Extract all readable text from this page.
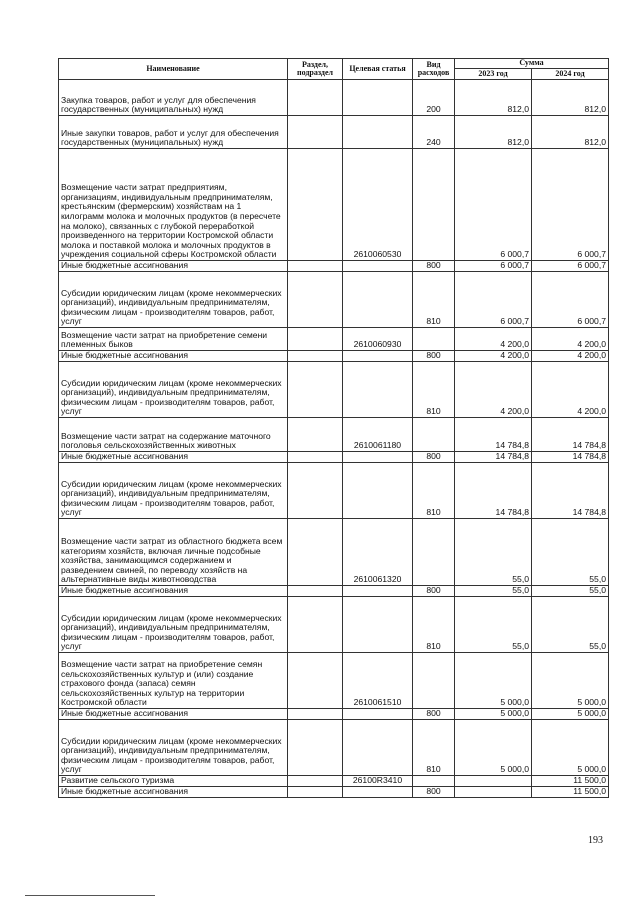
Наименование	Раздел, подраздел	Целевая статья	Вид расходов	Сумма	
				2023 год	2024 год
Закупка товаров, работ и услуг для обеспечения государственных (муниципальных) нужд			200	812,0	812,0
Иные закупки товаров, работ и услуг для обеспечения государственных (муниципальных) нужд			240	812,0	812,0
Возмещение части затрат предприятиям, организациям, индивидуальным предпринимателям, крестьянским (фермерским) хозяйствам на 1 килограмм молока и молочных продуктов (в пересчете на молоко), связанных с глубокой переработкой произведенного на территории Костромской области молока и поставкой молока и молочных продуктов в учреждения социальной сферы Костромской области		2610060530		6 000,7	6 000,7
Иные бюджетные ассигнования			800	6 000,7	6 000,7
Субсидии юридическим лицам (кроме некоммерческих организаций), индивидуальным предпринимателям, физическим лицам - производителям товаров, работ, услуг			810	6 000,7	6 000,7
Возмещение части затрат на приобретение семени племенных быков		2610060930		4 200,0	4 200,0
Иные бюджетные ассигнования			800	4 200,0	4 200,0
Субсидии юридическим лицам (кроме некоммерческих организаций), индивидуальным предпринимателям, физическим лицам - производителям товаров, работ, услуг			810	4 200,0	4 200,0
Возмещение части затрат на содержание маточного поголовья сельскохозяйственных животных		2610061180		14 784,8	14 784,8
Иные бюджетные ассигнования			800	14 784,8	14 784,8
Субсидии юридическим лицам (кроме некоммерческих организаций), индивидуальным предпринимателям, физическим лицам - производителям товаров, работ, услуг			810	14 784,8	14 784,8
Возмещение части затрат из областного бюджета всем категориям хозяйств, включая личные подсобные хозяйства, занимающимся содержанием и разведением свиней, по переводу хозяйств на альтернативные виды животноводства		2610061320		55,0	55,0
Иные бюджетные ассигнования			800	55,0	55,0
Субсидии юридическим лицам (кроме некоммерческих организаций), индивидуальным предпринимателям, физическим лицам - производителям товаров, работ, услуг			810	55,0	55,0
Возмещение части затрат на приобретение семян сельскохозяйственных культур и (или) создание страхового фонда (запаса) семян сельскохозяйственных культур на территории Костромской области		2610061510		5 000,0	5 000,0
Иные бюджетные ассигнования			800	5 000,0	5 000,0
Субсидии юридическим лицам (кроме некоммерческих организаций), индивидуальным предпринимателям, физическим лицам - производителям товаров, работ, услуг			810	5 000,0	5 000,0
Развитие сельского туризма		26100R3410			11 500,0
Иные бюджетные ассигнования			800		11 500,0
193
